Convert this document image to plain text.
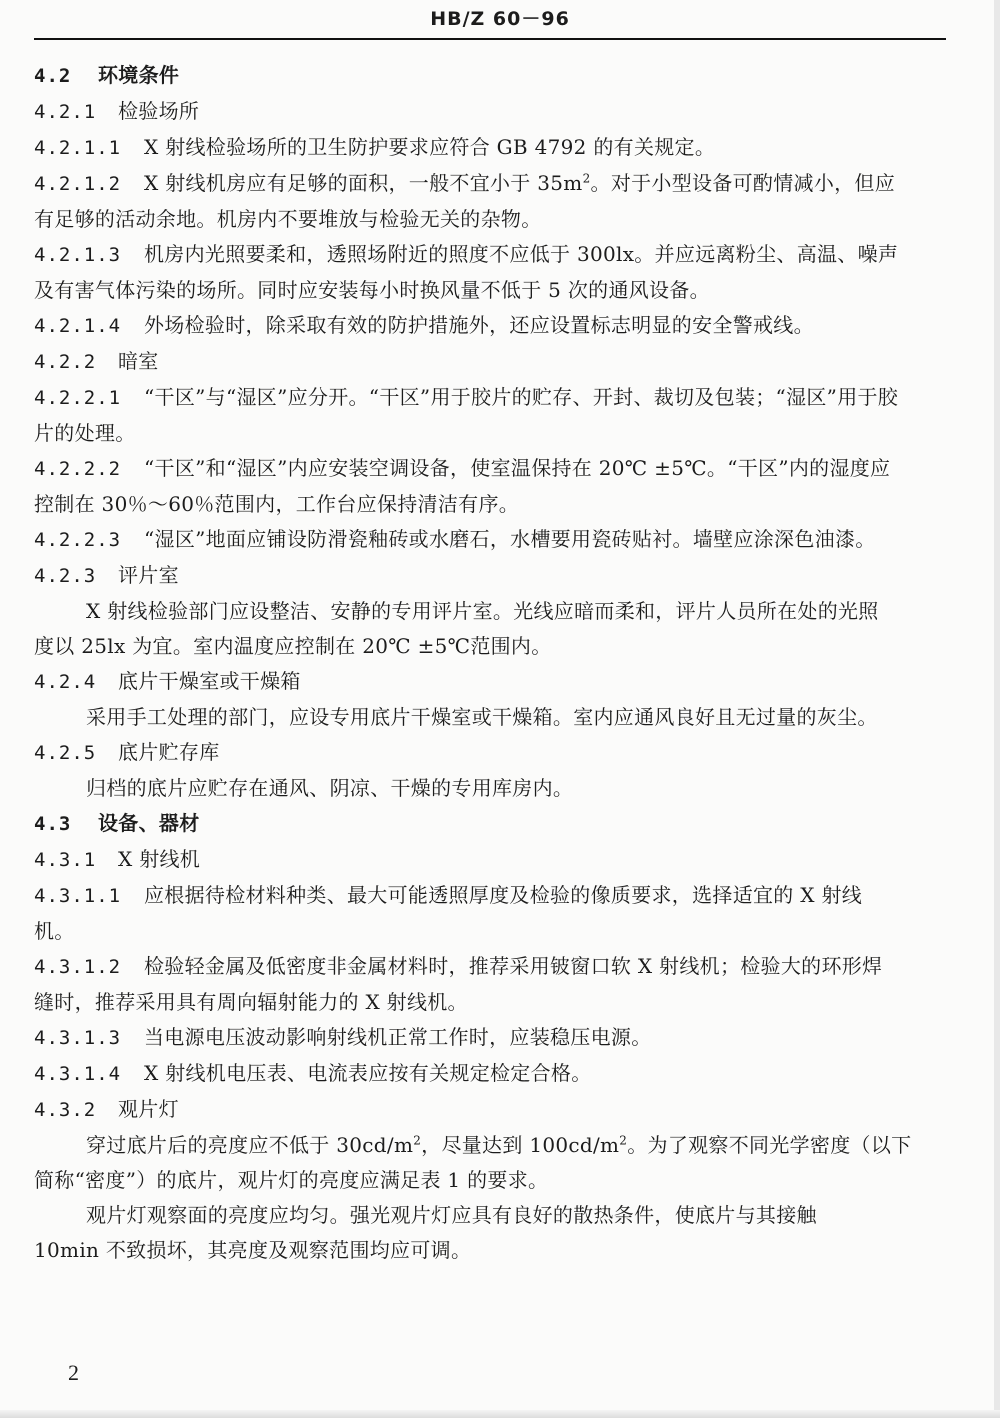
HB/Z 60－96
4.2 环境条件
4.2.1 检验场所
4.2.1.1 X 射线检验场所的卫生防护要求应符合 GB 4792 的有关规定。
4.2.1.2 X 射线机房应有足够的面积，一般不宜小于 $35m^2$。对于小型设备可酌情减小，但应
有足够的活动余地。机房内不要堆放与检验无关的杂物。
4.2.1.3 机房内光照要柔和，透照场附近的照度不应低于 300lx。并应远离粉尘、高温、噪声
及有害气体污染的场所。同时应安装每小时换风量不低于 5 次的通风设备。
4.2.1.4 外场检验时，除采取有效的防护措施外，还应设置标志明显的安全警戒线。
4.2.2 暗室
4.2.2.1 “干区”与“湿区”应分开。“干区”用于胶片的贮存、开封、裁切及包装；“湿区”用于胶
片的处理。
4.2.2.2 “干区”和“湿区”内应安装空调设备，使室温保持在 20℃ ±5℃。“干区”内的湿度应
控制在 30％～60％范围内，工作台应保持清洁有序。
4.2.2.3 “湿区”地面应铺设防滑瓷釉砖或水磨石，水槽要用瓷砖贴衬。墙壁应涂深色油漆。
4.2.3 评片室
X 射线检验部门应设整洁、安静的专用评片室。光线应暗而柔和，评片人员所在处的光照
度以 25lx 为宜。室内温度应控制在 20℃ ±5℃范围内。
4.2.4 底片干燥室或干燥箱
采用手工处理的部门，应设专用底片干燥室或干燥箱。室内应通风良好且无过量的灰尘。
4.2.5 底片贮存库
归档的底片应贮存在通风、阴凉、干燥的专用库房内。
4.3 设备、器材
4.3.1 X 射线机
4.3.1.1 应根据待检材料种类、最大可能透照厚度及检验的像质要求，选择适宜的 X 射线
机。
4.3.1.2 检验轻金属及低密度非金属材料时，推荐采用铍窗口软 X 射线机；检验大的环形焊
缝时，推荐采用具有周向辐射能力的 X 射线机。
4.3.1.3 当电源电压波动影响射线机正常工作时，应装稳压电源。
4.3.1.4 X 射线机电压表、电流表应按有关规定检定合格。
4.3.2 观片灯
穿过底片后的亮度应不低于 $30cd/m^2$，尽量达到 $100cd/m^2$。为了观察不同光学密度（以下
简称“密度”）的底片，观片灯的亮度应满足表 1 的要求。
观片灯观察面的亮度应均匀。强光观片灯应具有良好的散热条件，使底片与其接触
10min 不致损坏，其亮度及观察范围均应可调。
2
